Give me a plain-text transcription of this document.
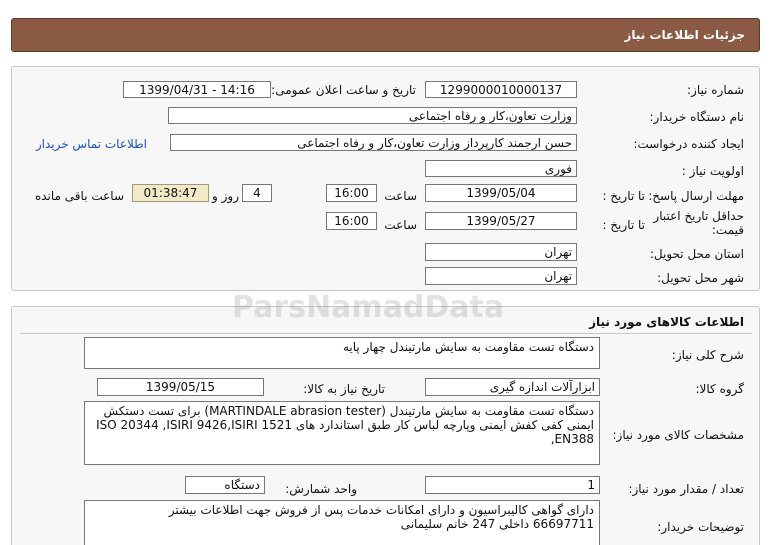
جزئیات اطلاعات نیاز
شماره نیاز:
1299000010000137
تاریخ و ساعت اعلان عمومی:
1399/04/31 - 14:16
نام دستگاه خریدار:
وزارت تعاون،کار و رفاه اجتماعی
ایجاد کننده درخواست:
حسن ارجمند کارپرداز وزارت تعاون،کار و رفاه اجتماعی
اطلاعات تماس خریدار
اولویت نیاز :
فوری
مهلت ارسال پاسخ:
تا تاریخ :
1399/05/04
ساعت
16:00
4
روز و
01:38:47
ساعت باقی مانده
حداقل تاریخ اعتبار
قیمت:
تا تاریخ :
1399/05/27
ساعت
16:00
استان محل تحویل:
تهران
شهر محل تحویل:
تهران
اطلاعات کالاهای مورد نیاز
شرح کلی نیاز:
دستگاه تست مقاومت به سایش مارتیندل چهار پایه
گروه کالا:
ابزارآلات اندازه گیری
تاریخ نیاز به کالا:
1399/05/15
مشخصات کالای مورد نیاز:
دستگاه تست مقاومت به سایش مارتیندل (MARTINDALE abrasion tester) برای تست دستکش ایمنی کفی کفش ایمنی وپارچه لباس کار طبق استاندارد های ISO 20344 ,ISIRI 9426,ISIRI 1521 ,EN388
تعداد / مقدار مورد نیاز:
1
واحد شمارش:
دستگاه
توضیحات خریدار:
دارای گواهی کالیبراسیون و دارای امکانات خدمات پس از فروش جهت اطلاعات بیشتر
66697711 داخلی 247 خانم سلیمانی
ParsNamadData
